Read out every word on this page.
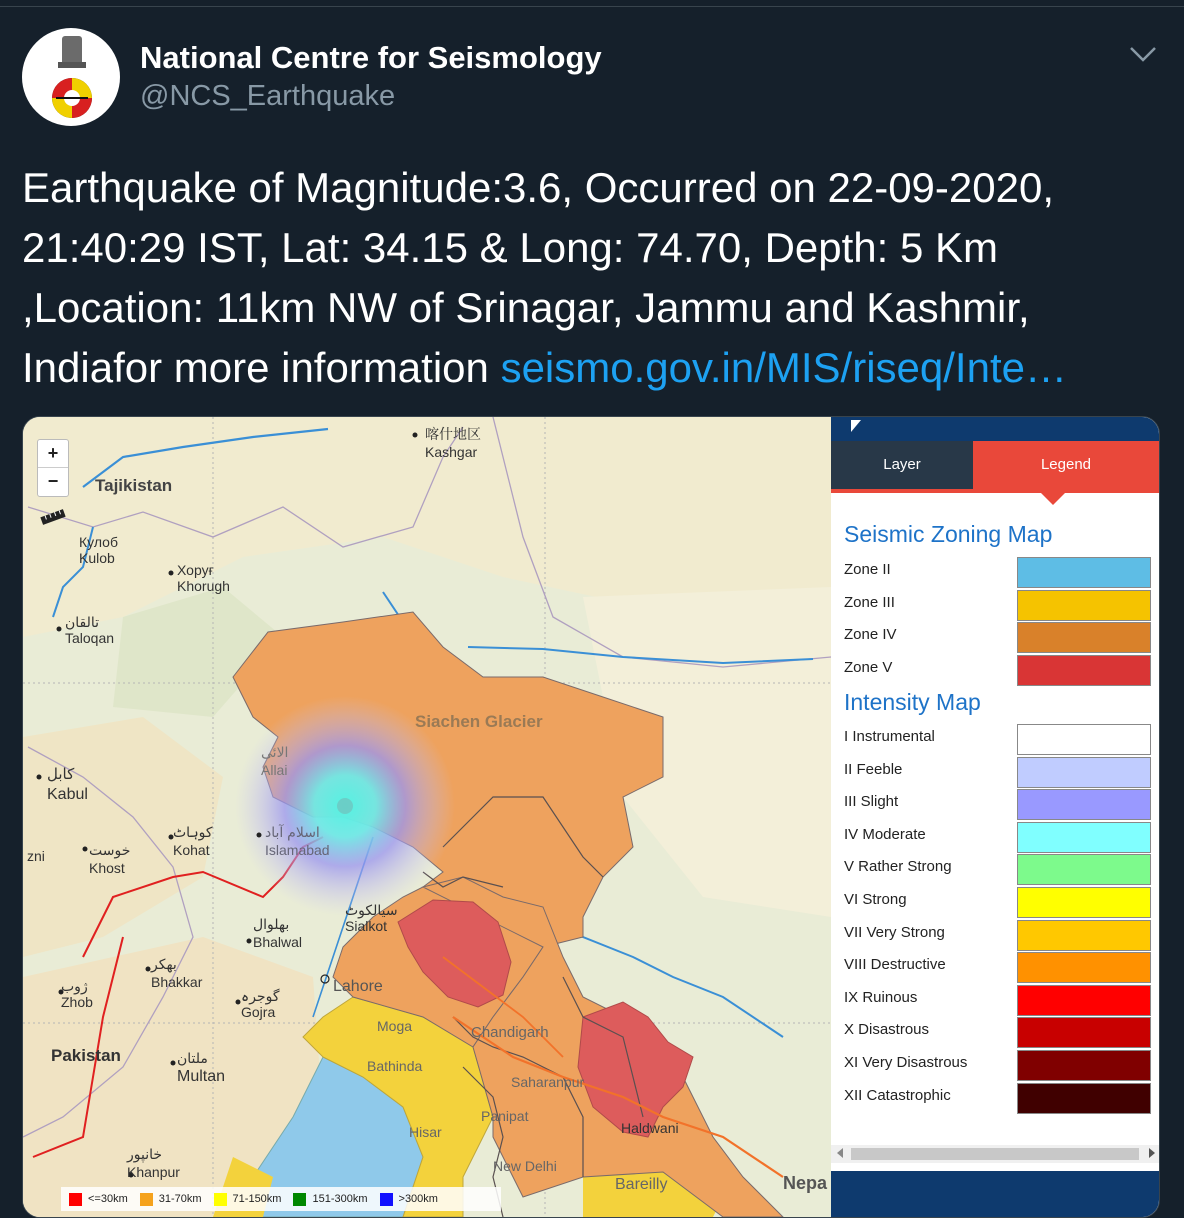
National Centre for Seismology
@NCS_Earthquake
Earthquake of Magnitude:3.6, Occurred on 22-09-2020, 21:40:29 IST, Lat: 34.15 & Long: 74.70, Depth: 5 Km ,Location: 11km NW of Srinagar, Jammu and Kashmir, Indiafor more information seismo.gov.in/MIS/riseq/Inte…
喀什地区
Kashgar
Tajikistan
Кулоб
Kulob
Хоруғ
Khorugh
تالقان
Taloqan
Siachen Glacier
کابل
Kabul
الائی
Allai
کوہاٹ
Kohat
اسلام آباد
Islamabad
خوست
Khost
zni
سیالکوٹ
Sialkot
بھلوال
Bhalwal
بھکر
Bhakkar
ژوب
Zhob	گوجرہ
Gojra
Lahore
Moga
Pakistan	ملتان
Multan
Bathinda
Chandigarh
Saharanpur
Panipat
Hisar	Haldwani
خانپور
Khanpur	New Delhi
Bareilly	Nepa
+
−
<=30km	31-70km	71-150km	151-300km	>300km
Layer	Legend
Seismic Zoning Map
Zone II
Zone III
Zone IV
Zone V
Intensity Map
I Instrumental
II Feeble
III Slight
IV Moderate
V Rather Strong
VI Strong
VII Very Strong
VIII Destructive
IX Ruinous
X Disastrous
XI Very Disastrous
XII Catastrophic
